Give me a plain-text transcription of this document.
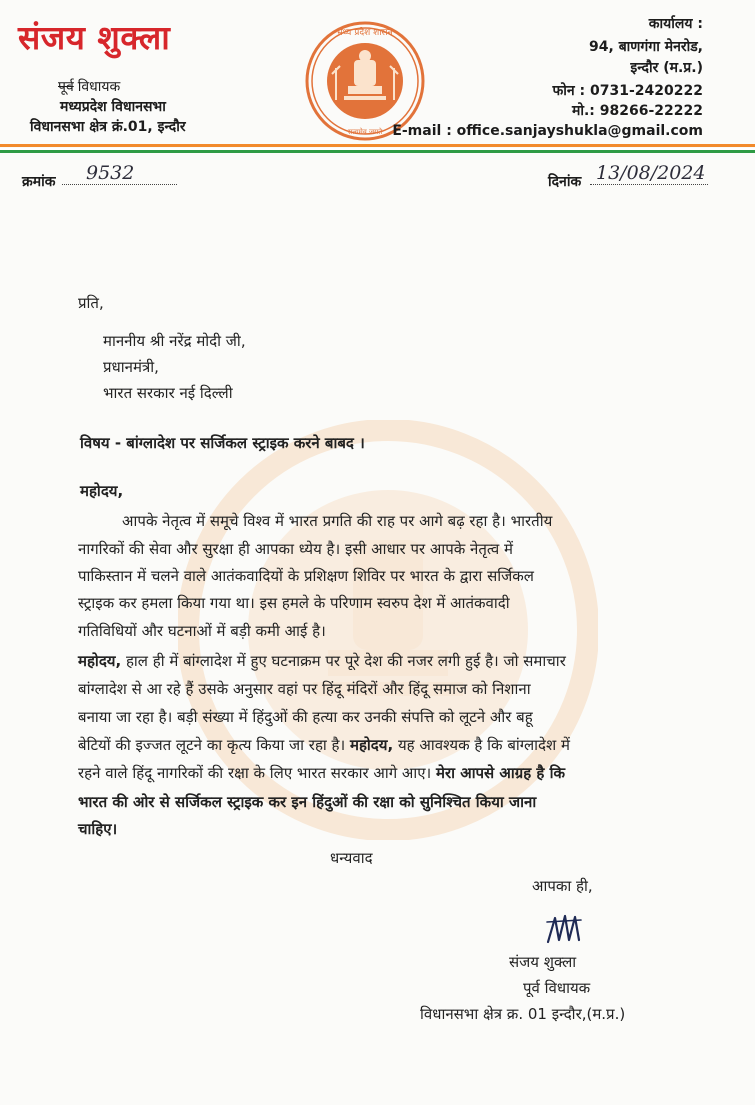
संजय शुक्ला
पूर्व विधायक
मध्यप्रदेश विधानसभा
विधानसभा क्षेत्र क्रं.01, इन्दौर
मध्य प्रदेश शासन
सत्यमेव जयते
कार्यालय :
94, बाणगंगा मेनरोड,
इन्दौर (म.प्र.)
फोन : 0731-2420222
मो.: 98266-22222
E-mail : office.sanjayshukla@gmail.com
क्रमांक 9532	दिनांक 13/08/2024
प्रति,
माननीय श्री नरेंद्र मोदी जी,
प्रधानमंत्री,
भारत सरकार नई दिल्ली
विषय - बांग्लादेश पर सर्जिकल स्ट्राइक करने बाबद ।
महोदय,
आपके नेतृत्व में समूचे विश्व में भारत प्रगति की राह पर आगे बढ़ रहा है। भारतीय
नागरिकों की सेवा और सुरक्षा ही आपका ध्येय है। इसी आधार पर आपके नेतृत्व में
पाकिस्तान में चलने वाले आतंकवादियों के प्रशिक्षण शिविर पर भारत के द्वारा सर्जिकल
स्ट्राइक कर हमला किया गया था। इस हमले के परिणाम स्वरुप देश में आतंकवादी
गतिविधियों और घटनाओं में बड़ी कमी आई है।
महोदय, हाल ही में बांग्लादेश में हुए घटनाक्रम पर पूरे देश की नजर लगी हुई है। जो समाचार
बांग्लादेश से आ रहे हैं उसके अनुसार वहां पर हिंदू मंदिरों और हिंदू समाज को निशाना
बनाया जा रहा है। बड़ी संख्या में हिंदुओं की हत्या कर उनकी संपत्ति को लूटने और बहू
बेटियों की इज्जत लूटने का कृत्य किया जा रहा है। महोदय, यह आवश्यक है कि बांग्लादेश में
रहने वाले हिंदू नागरिकों की रक्षा के लिए भारत सरकार आगे आए। मेरा आपसे आग्रह है कि
भारत की ओर से सर्जिकल स्ट्राइक कर इन हिंदुओं की रक्षा को सुनिश्चित किया जाना
चाहिए।
धन्यवाद
आपका ही,
संजय शुक्ला
पूर्व विधायक
विधानसभा क्षेत्र क्र. 01 इन्दौर,(म.प्र.)
